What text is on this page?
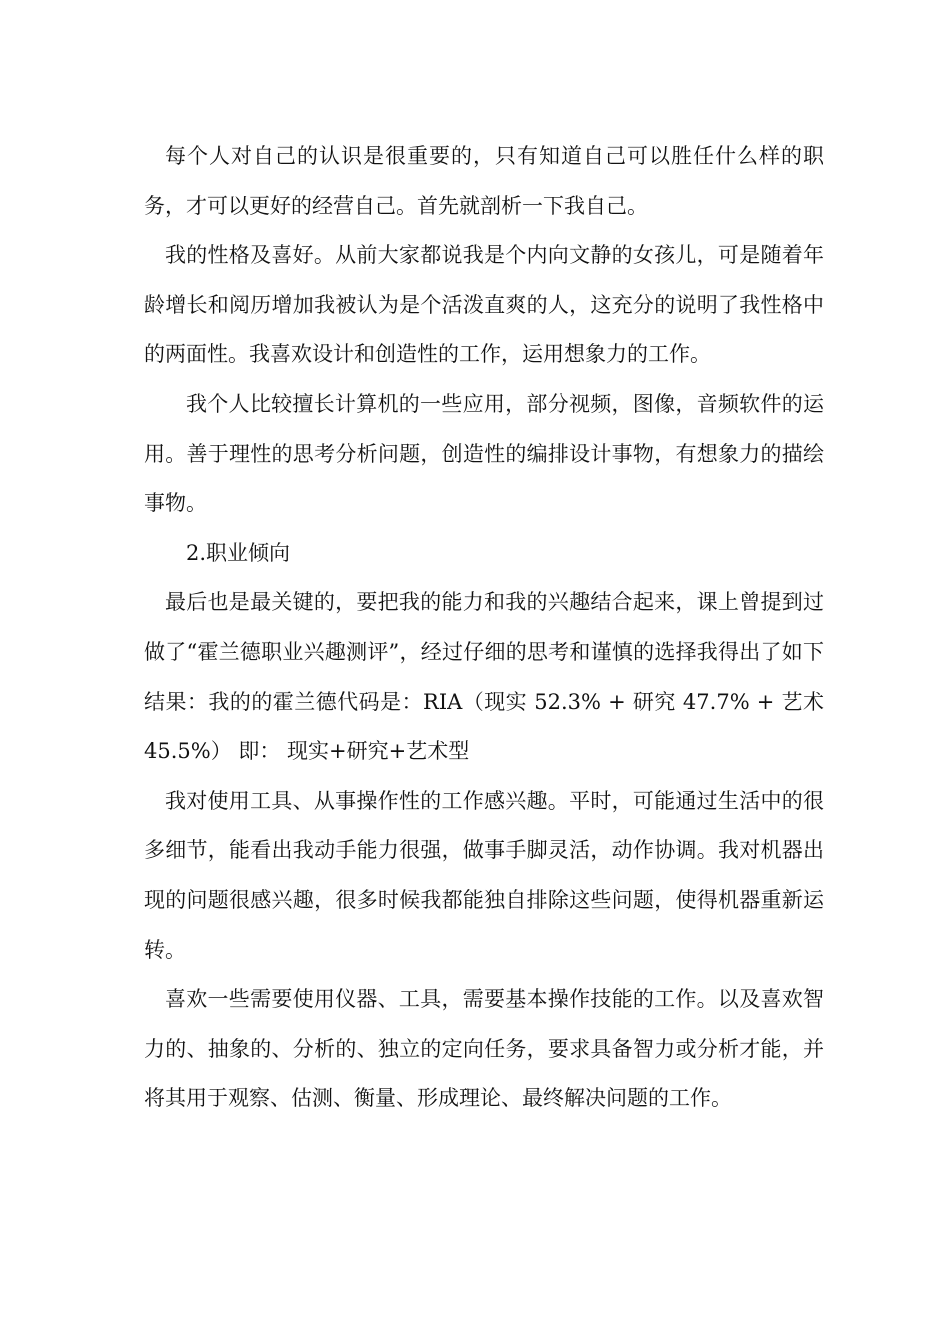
每个人对自己的认识是很重要的，只有知道自己可以胜任什么样的职务，才可以更好的经营自己。首先就剖析一下我自己。

我的性格及喜好。从前大家都说我是个内向文静的女孩儿，可是随着年龄增长和阅历增加我被认为是个活泼直爽的人，这充分的说明了我性格中的两面性。我喜欢设计和创造性的工作，运用想象力的工作。

我个人比较擅长计算机的一些应用，部分视频，图像，音频软件的运用。善于理性的思考分析问题，创造性的编排设计事物，有想象力的描绘事物。

2.职业倾向

最后也是最关键的，要把我的能力和我的兴趣结合起来，课上曾提到过做了“霍兰德职业兴趣测评”，经过仔细的思考和谨慎的选择我得出了如下结果：我的的霍兰德代码是：RIA（现实 52.3% + 研究 47.7% + 艺术 45.5%） 即： 现实+研究+艺术型

我对使用工具、从事操作性的工作感兴趣。平时，可能通过生活中的很多细节，能看出我动手能力很强，做事手脚灵活，动作协调。我对机器出现的问题很感兴趣，很多时候我都能独自排除这些问题，使得机器重新运转。

喜欢一些需要使用仪器、工具，需要基本操作技能的工作。以及喜欢智力的、抽象的、分析的、独立的定向任务，要求具备智力或分析才能，并将其用于观察、估测、衡量、形成理论、最终解决问题的工作。
